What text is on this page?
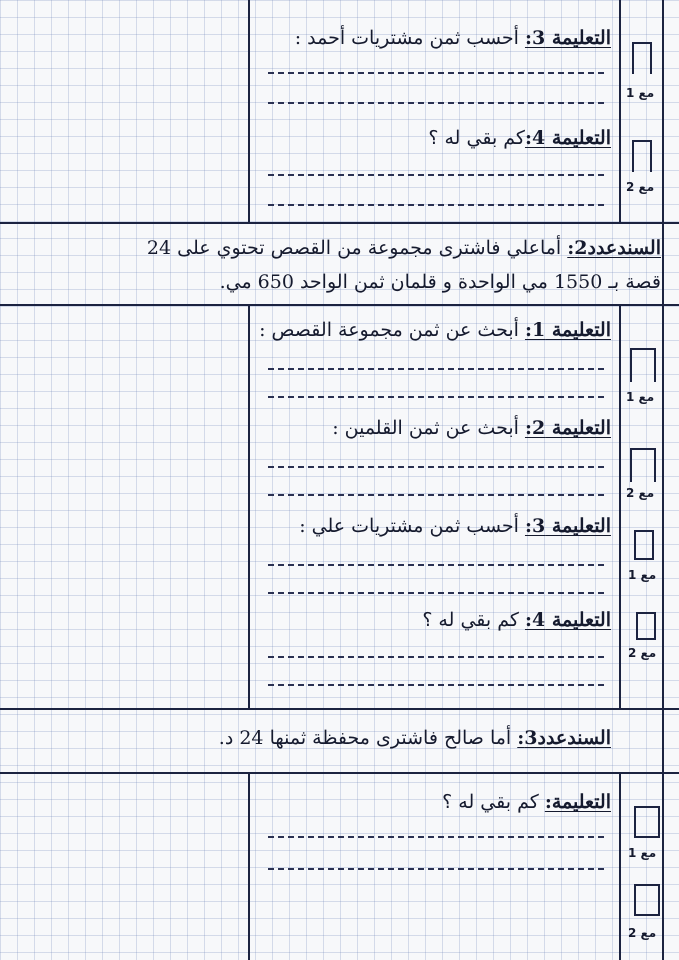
التعليمة 3: أحسب ثمن مشتريات أحمد :
التعليمة 4:كم بقي له ؟
مع 1
مع 2
السندعدد2: أماعلي فاشترى مجموعة من القصص تحتوي على 24
قصة بـ 1550 مي الواحدة و قلمان ثمن الواحد 650 مي.
التعليمة 1: أبحث عن ثمن مجموعة القصص :
التعليمة 2: أبحث عن ثمن القلمين :
التعليمة 3: أحسب ثمن مشتريات علي :
التعليمة 4: كم بقي له ؟
مع 1
مع 2
مع 1
مع 2
السندعدد3: أما صالح فاشترى محفظة ثمنها 24 د.
التعليمة: كم بقي له ؟
مع 1
مع 2
